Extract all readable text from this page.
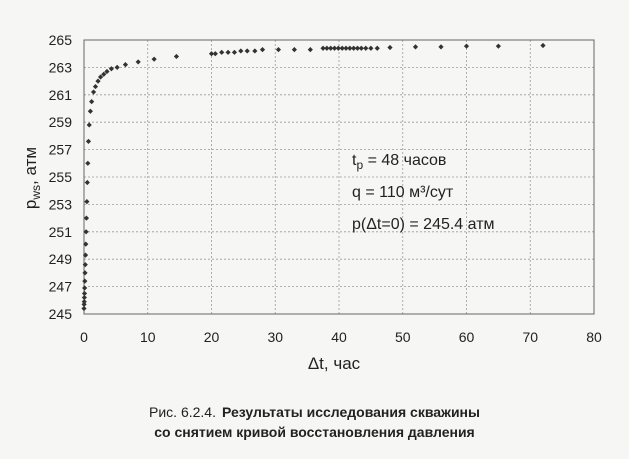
245
247
249
251
253
255
257
259
261
263
265
0	10	20	30	40	50	60	70	80
$p_{ws}$, атм
Δt, час
$t_p = 48$ часов
q = 110 м³/сут
p(Δt=0) = 245.4 атм
Рис. 6.2.4. Результаты исследования скважины
со снятием кривой восстановления давления
